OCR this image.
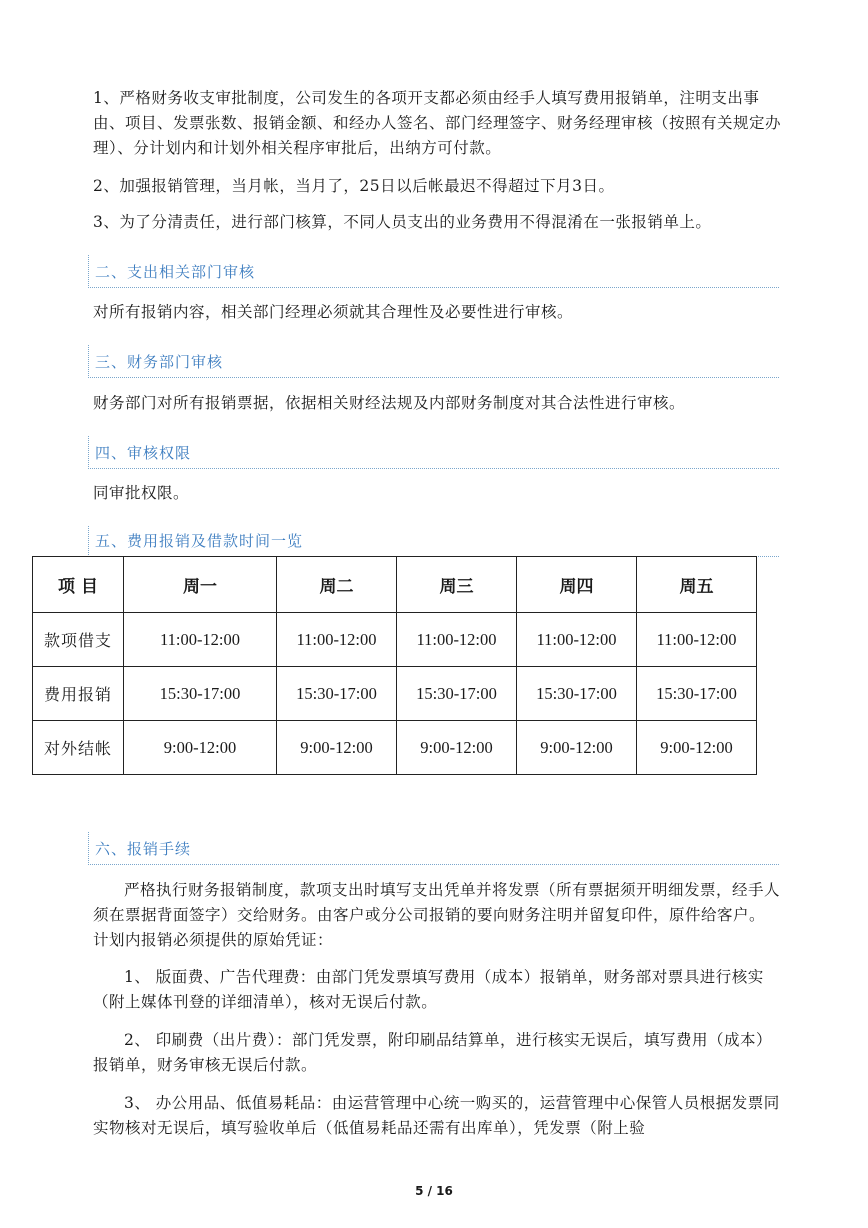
1、严格财务收支审批制度，公司发生的各项开支都必须由经手人填写费用报销单，注明支出事由、项目、发票张数、报销金额、和经办人签名、部门经理签字、财务经理审核（按照有关规定办理）、分计划内和计划外相关程序审批后，出纳方可付款。

2、加强报销管理，当月帐，当月了，25日以后帐最迟不得超过下月3日。

3、为了分清责任，进行部门核算，不同人员支出的业务费用不得混淆在一张报销单上。

二、支出相关部门审核

对所有报销内容，相关部门经理必须就其合理性及必要性进行审核。

三、财务部门审核

财务部门对所有报销票据，依据相关财经法规及内部财务制度对其合法性进行审核。

四、审核权限

同审批权限。

五、费用报销及借款时间一览
项 目	周一	周二	周三	周四	周五
款项借支	11:00-12:00	11:00-12:00	11:00-12:00	11:00-12:00	11:00-12:00
费用报销	15:30-17:00	15:30-17:00	15:30-17:00	15:30-17:00	15:30-17:00
对外结帐	9:00-12:00	9:00-12:00	9:00-12:00	9:00-12:00	9:00-12:00
六、报销手续

严格执行财务报销制度，款项支出时填写支出凭单并将发票（所有票据须开明细发票，经手人须在票据背面签字）交给财务。由客户或分公司报销的要向财务注明并留复印件，原件给客户。 计划内报销必须提供的原始凭证：

1、 版面费、广告代理费：由部门凭发票填写费用（成本）报销单，财务部对票具进行核实（附上媒体刊登的详细清单），核对无误后付款。

2、 印刷费（出片费）：部门凭发票，附印刷品结算单，进行核实无误后，填写费用（成本）报销单，财务审核无误后付款。

3、 办公用品、低值易耗品：由运营管理中心统一购买的，运营管理中心保管人员根据发票同实物核对无误后，填写验收单后（低值易耗品还需有出库单），凭发票（附上验

5 / 16
